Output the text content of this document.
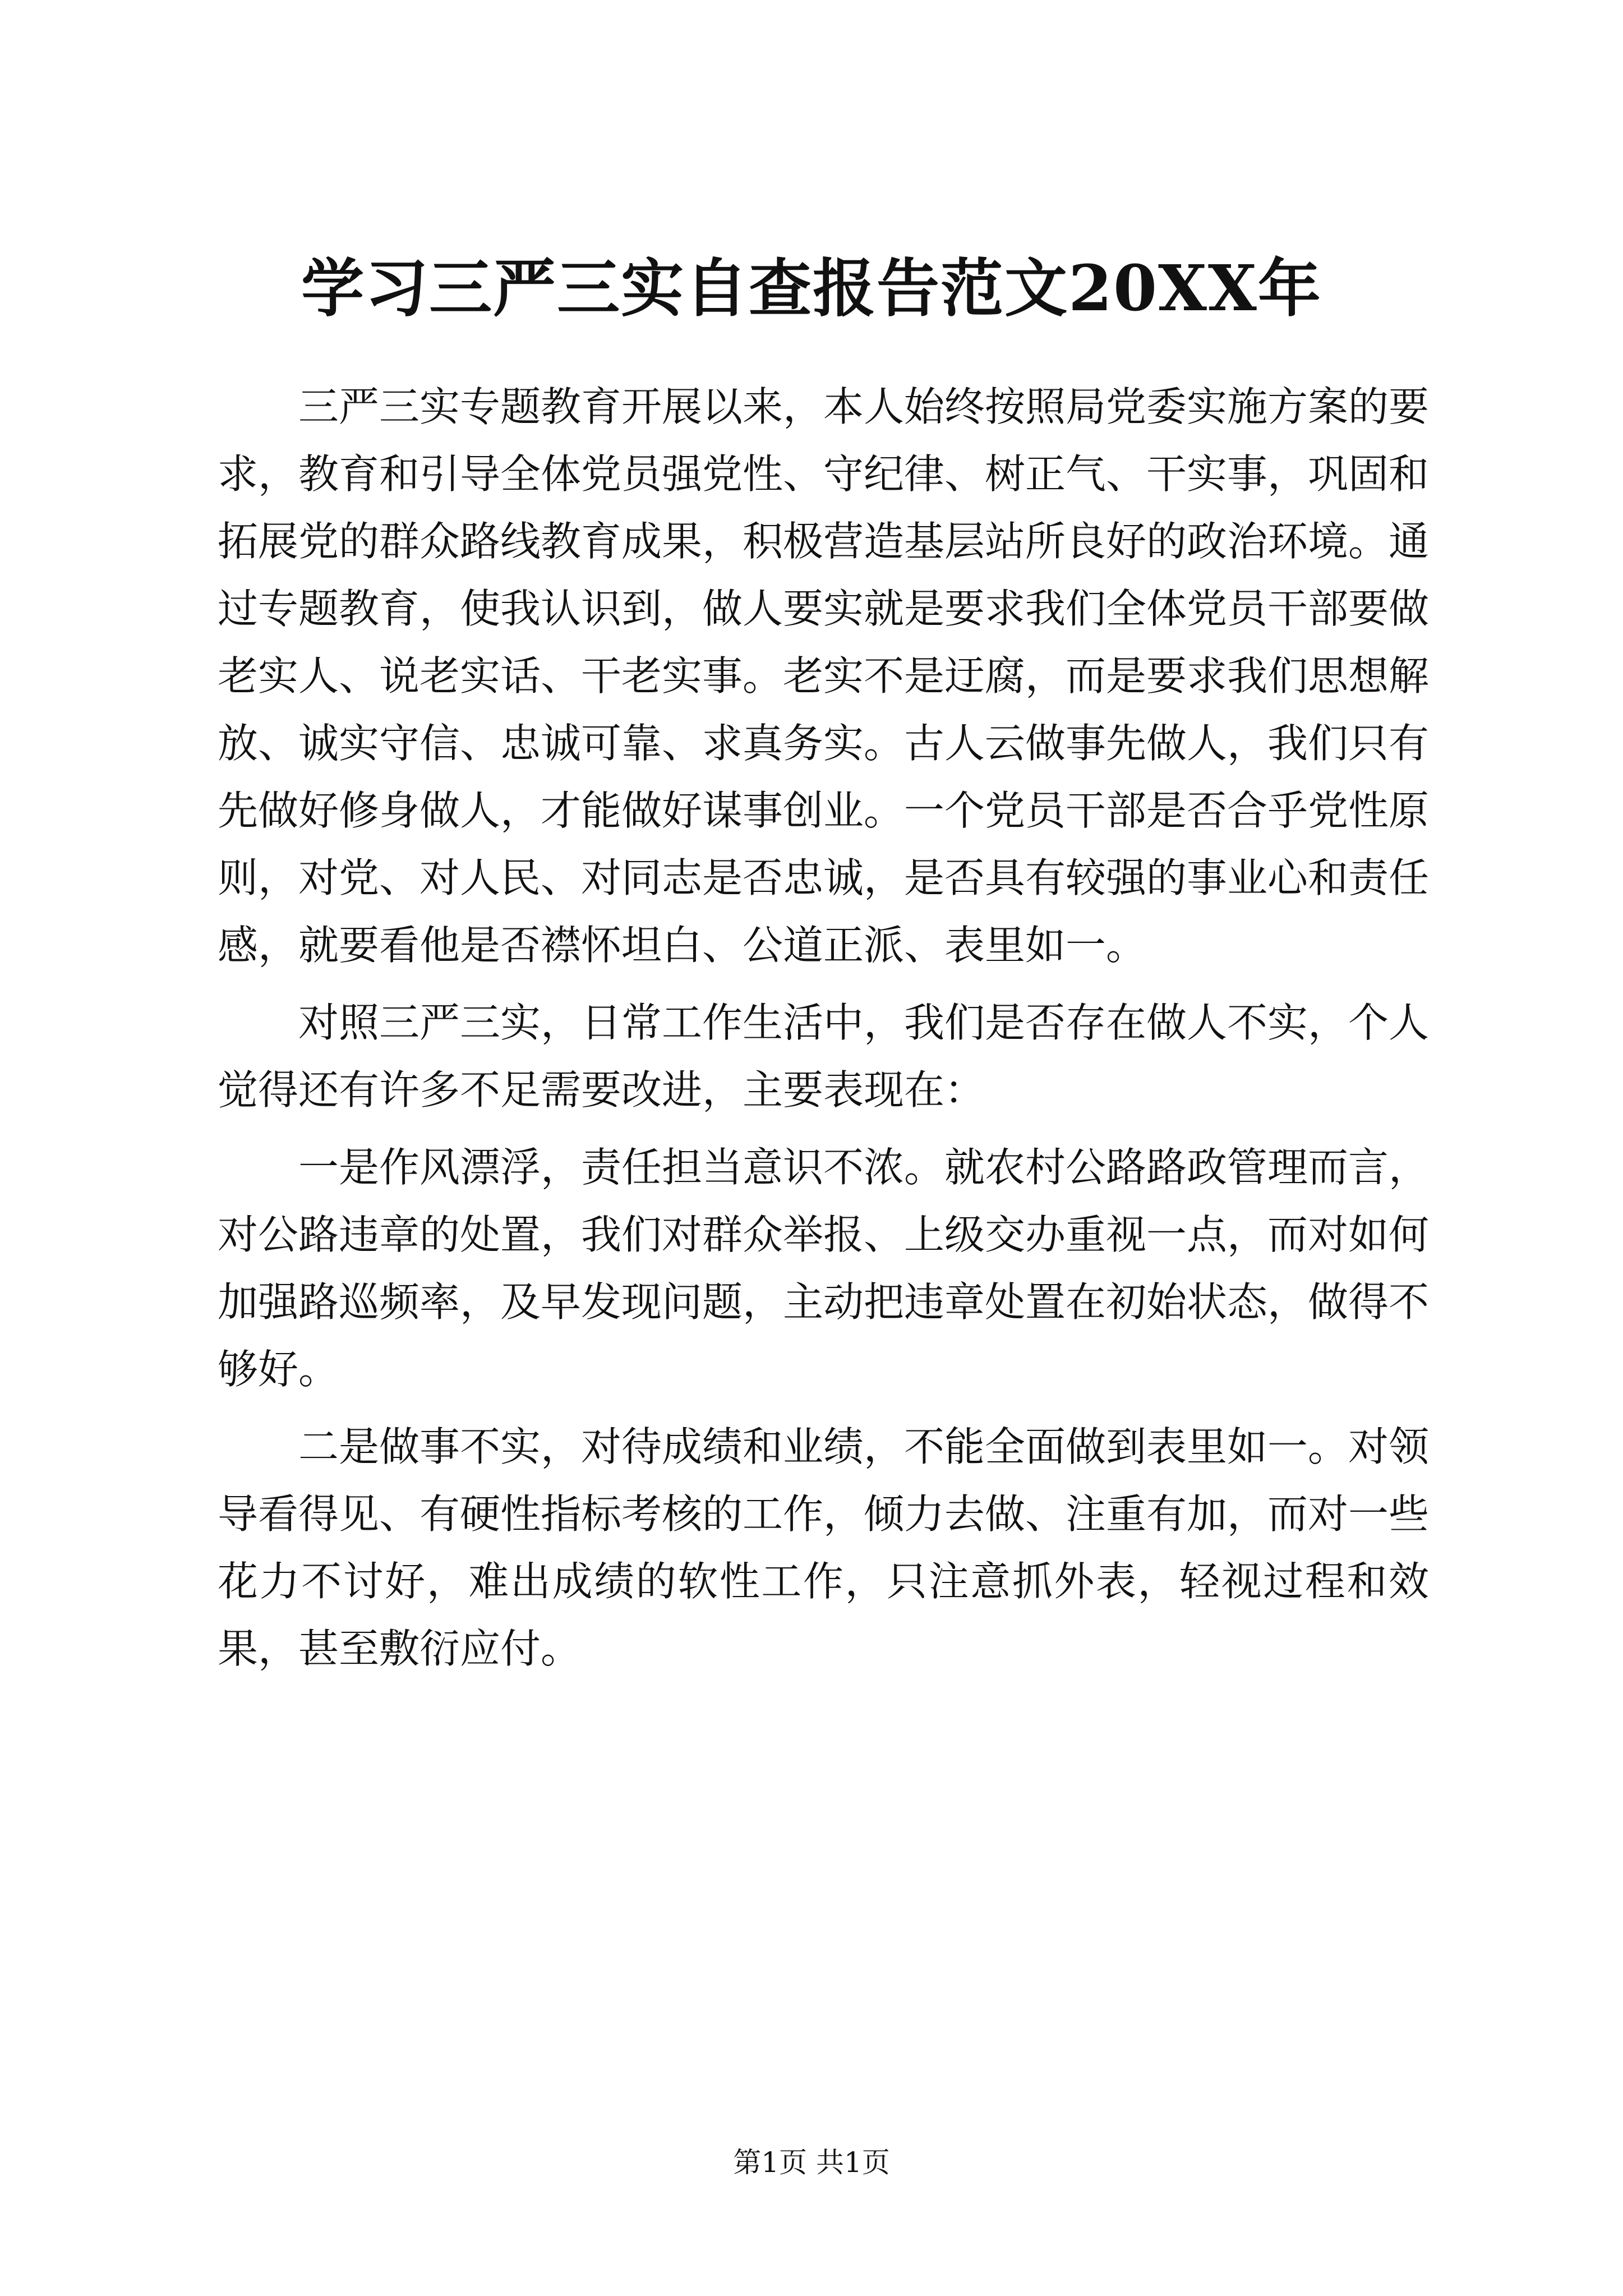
学习三严三实自查报告范文20XX年

三严三实专题教育开展以来，本人始终按照局党委实施方案的要求，教育和引导全体党员强党性、守纪律、树正气、干实事，巩固和拓展党的群众路线教育成果，积极营造基层站所良好的政治环境。通过专题教育，使我认识到，做人要实就是要求我们全体党员干部要做老实人、说老实话、干老实事。老实不是迂腐，而是要求我们思想解放、诚实守信、忠诚可靠、求真务实。古人云做事先做人，我们只有先做好修身做人，才能做好谋事创业。一个党员干部是否合乎党性原则，对党、对人民、对同志是否忠诚，是否具有较强的事业心和责任感，就要看他是否襟怀坦白、公道正派、表里如一。

对照三严三实，日常工作生活中，我们是否存在做人不实，个人觉得还有许多不足需要改进，主要表现在：

一是作风漂浮，责任担当意识不浓。就农村公路路政管理而言，对公路违章的处置，我们对群众举报、上级交办重视一点，而对如何加强路巡频率，及早发现问题，主动把违章处置在初始状态，做得不够好。

二是做事不实，对待成绩和业绩，不能全面做到表里如一。对领导看得见、有硬性指标考核的工作，倾力去做、注重有加，而对一些花力不讨好，难出成绩的软性工作，只注意抓外表，轻视过程和效果，甚至敷衍应付。

第1页 共1页
